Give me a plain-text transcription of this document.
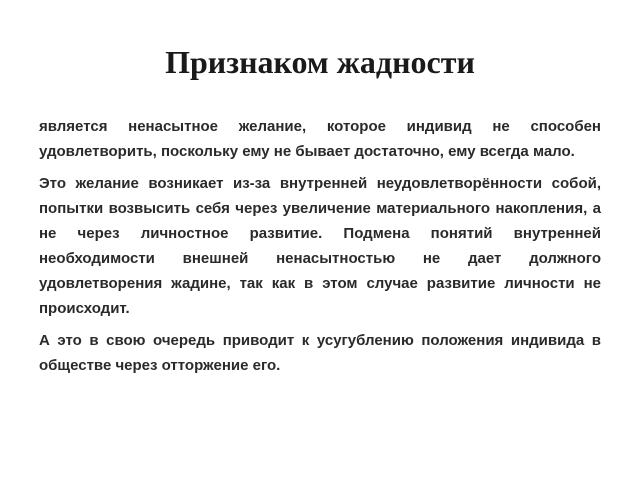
Признаком жадности

является ненасытное желание, которое индивид не способен удовлетворить, поскольку ему не бывает достаточно, ему всегда мало.

Это желание возникает из-за внутренней неудовлетворённости собой, попытки возвысить себя через увеличение материального накопления, а не через личностное развитие. Подмена понятий внутренней необходимости внешней ненасытностью не дает должного удовлетворения жадине, так как в этом случае развитие личности не происходит.

А это в свою очередь приводит к усугублению положения индивида в обществе через отторжение его.
